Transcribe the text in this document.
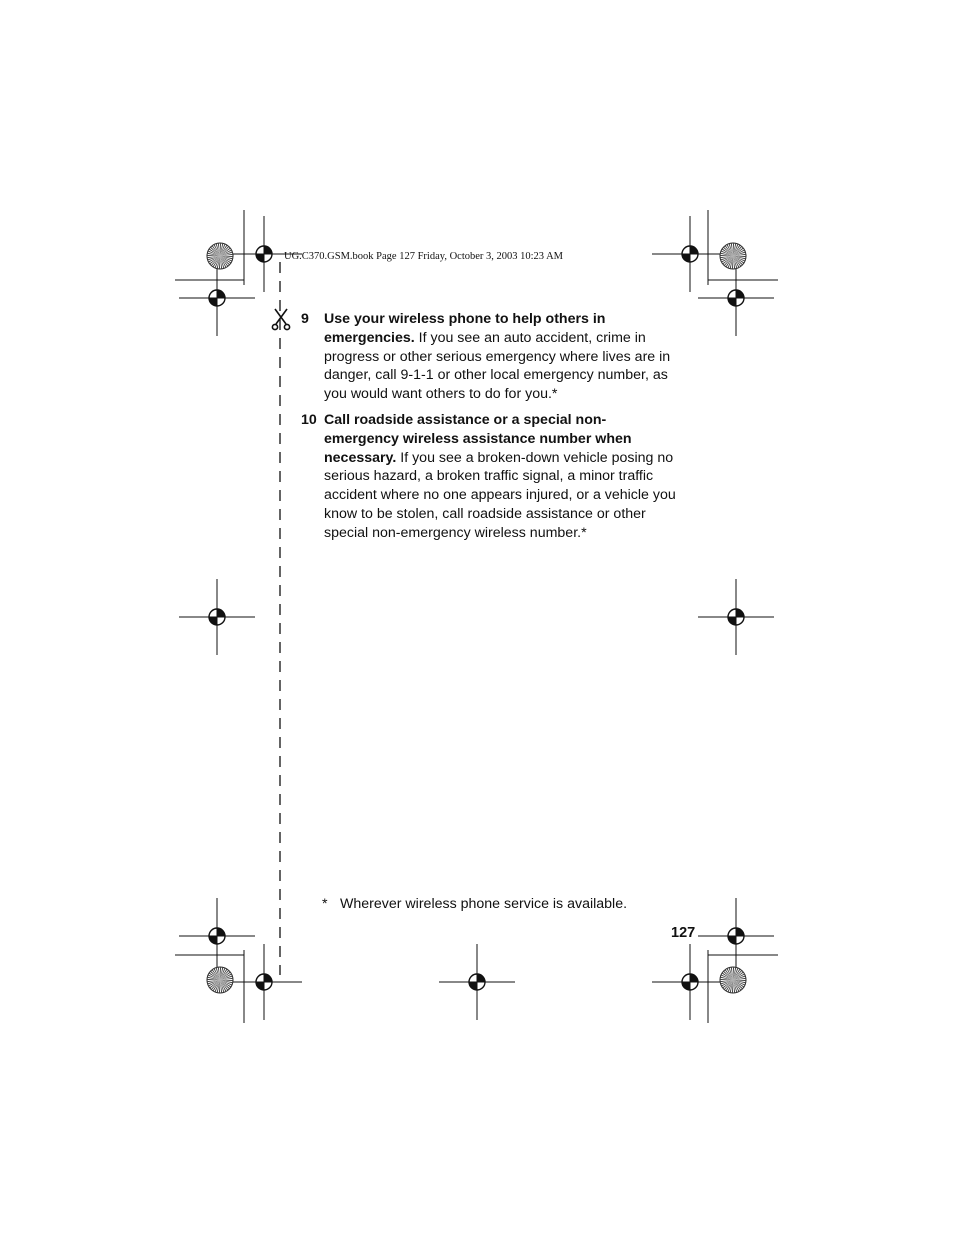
UG.C370.GSM.book Page 127 Friday, October 3, 2003 10:23 AM
9 Use your wireless phone to help others in emergencies. If you see an auto accident, crime in progress or other serious emergency where lives are in danger, call 9-1-1 or other local emergency number, as you would want others to do for you.*
10 Call roadside assistance or a special non-emergency wireless assistance number when necessary. If you see a broken-down vehicle posing no serious hazard, a broken traffic signal, a minor traffic accident where no one appears injured, or a vehicle you know to be stolen, call roadside assistance or other special non-emergency wireless number.*
* Wherever wireless phone service is available.
127
